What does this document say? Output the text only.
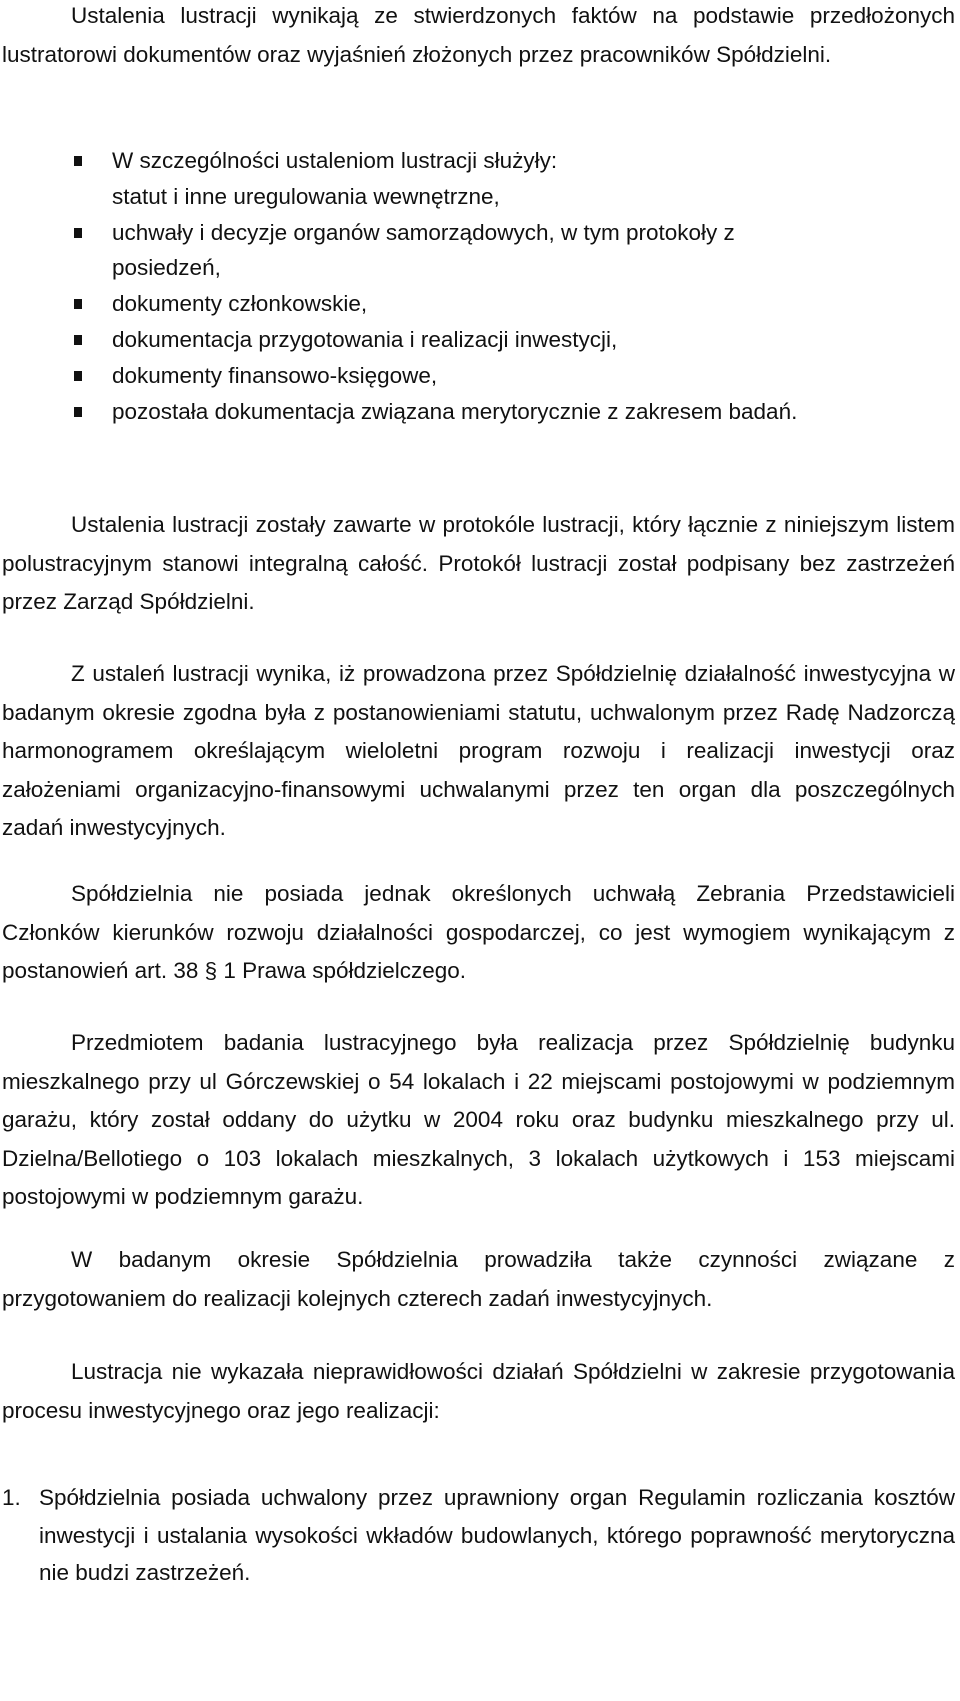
Ustalenia lustracji wynikają ze stwierdzonych faktów na podstawie przedłożonych lustratorowi dokumentów oraz wyjaśnień złożonych przez pracowników Spółdzielni.

W szczególności ustaleniom lustracji służyły:
statut i inne uregulowania wewnętrzne,
uchwały i decyzje organów samorządowych, w tym protokoły z posiedzeń,
dokumenty członkowskie,
dokumentacja przygotowania i realizacji inwestycji,
dokumenty finansowo-księgowe,
pozostała dokumentacja związana merytorycznie z zakresem badań.

Ustalenia lustracji zostały zawarte w protokóle lustracji, który łącznie z niniejszym listem polustracyjnym stanowi integralną całość. Protokół lustracji został podpisany bez zastrzeżeń przez Zarząd Spółdzielni.

Z ustaleń lustracji wynika, iż prowadzona przez Spółdzielnię działalność inwestycyjna w badanym okresie zgodna była z postanowieniami statutu, uchwalonym przez Radę Nadzorczą harmonogramem określającym wieloletni program rozwoju i realizacji inwestycji oraz założeniami organizacyjno-finansowymi uchwalanymi przez ten organ dla poszczególnych zadań inwestycyjnych.

Spółdzielnia nie posiada jednak określonych uchwałą Zebrania Przedstawicieli Członków kierunków rozwoju działalności gospodarczej, co jest wymogiem wynikającym z postanowień art. 38 § 1 Prawa spółdzielczego.

Przedmiotem badania lustracyjnego była realizacja przez Spółdzielnię budynku mieszkalnego przy ul Górczewskiej o 54 lokalach i 22 miejscami postojowymi w podziemnym garażu, który został oddany do użytku w 2004 roku oraz budynku mieszkalnego przy ul. Dzielna/Bellotiego o 103 lokalach mieszkalnych, 3 lokalach użytkowych i 153 miejscami postojowymi w podziemnym garażu.

W badanym okresie Spółdzielnia prowadziła także czynności związane z przygotowaniem do realizacji kolejnych czterech zadań inwestycyjnych.

Lustracja nie wykazała nieprawidłowości działań Spółdzielni w zakresie przygotowania procesu inwestycyjnego oraz jego realizacji:

1. Spółdzielnia posiada uchwalony przez uprawniony organ Regulamin rozliczania kosztów inwestycji i ustalania wysokości wkładów budowlanych, którego poprawność merytoryczna nie budzi zastrzeżeń.
